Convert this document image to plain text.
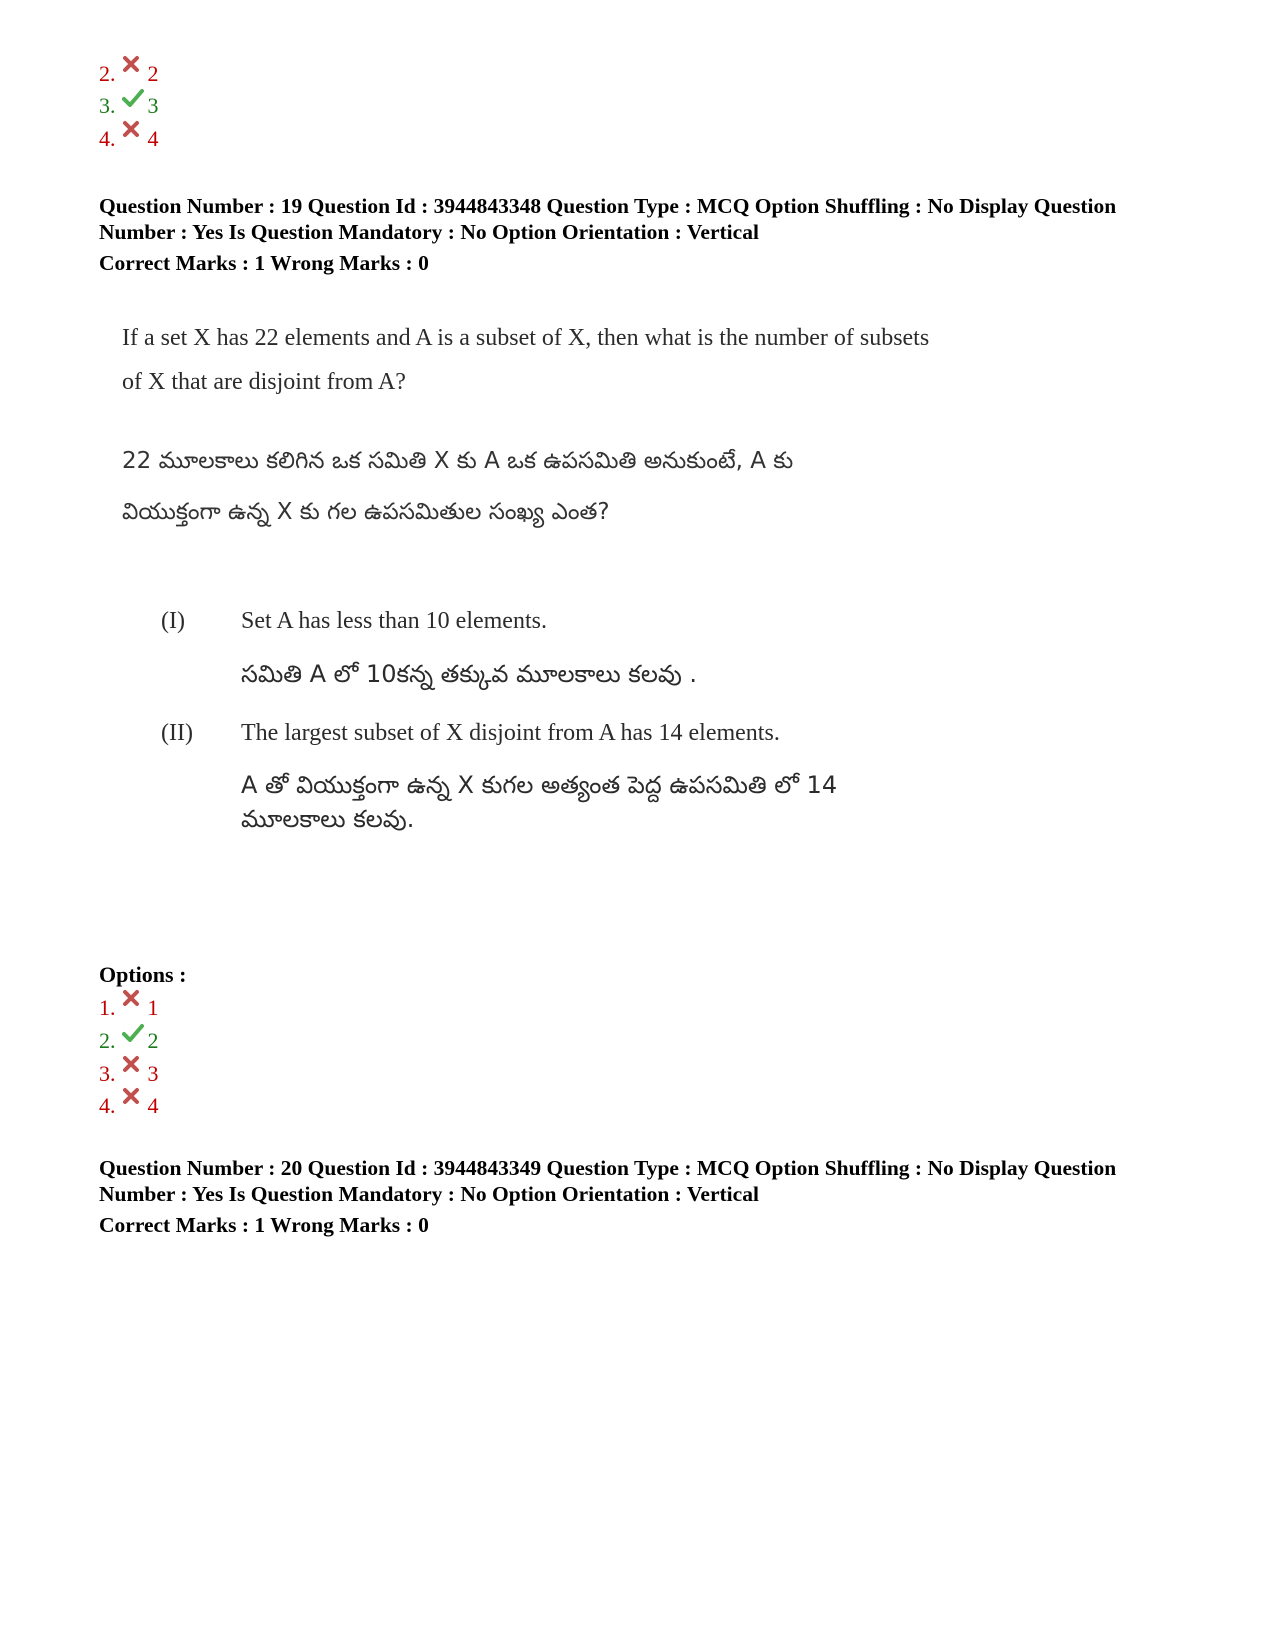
2. 2
3. 3
4. 4

Question Number : 19 Question Id : 3944843348 Question Type : MCQ Option Shuffling : No Display Question

Number : Yes Is Question Mandatory : No Option Orientation : Vertical

Correct Marks : 1 Wrong Marks : 0

If a set X has 22 elements and A is a subset of X, then what is the number of subsets
of X that are disjoint from A?
22 మూలకాలు కలిగిన ఒక సమితి X కు A ఒక ఉపసమితి అనుకుంటే, A కు
వియుక్తంగా ఉన్న X కు గల ఉపసమితుల సంఖ్య ఎంత?
(I) Set A has less than 10 elements.
సమితి A లో 10కన్న తక్కువ మూలకాలు కలవు .
(II) The largest subset of X disjoint from A has 14 elements.
A తో వియుక్తంగా ఉన్న X కుగల అత్యంత పెద్ద ఉపసమితి లో 14
మూలకాలు కలవు.
Options :
1. 1
2. 2
3. 3
4. 4

Question Number : 20 Question Id : 3944843349 Question Type : MCQ Option Shuffling : No Display Question

Number : Yes Is Question Mandatory : No Option Orientation : Vertical

Correct Marks : 1 Wrong Marks : 0
